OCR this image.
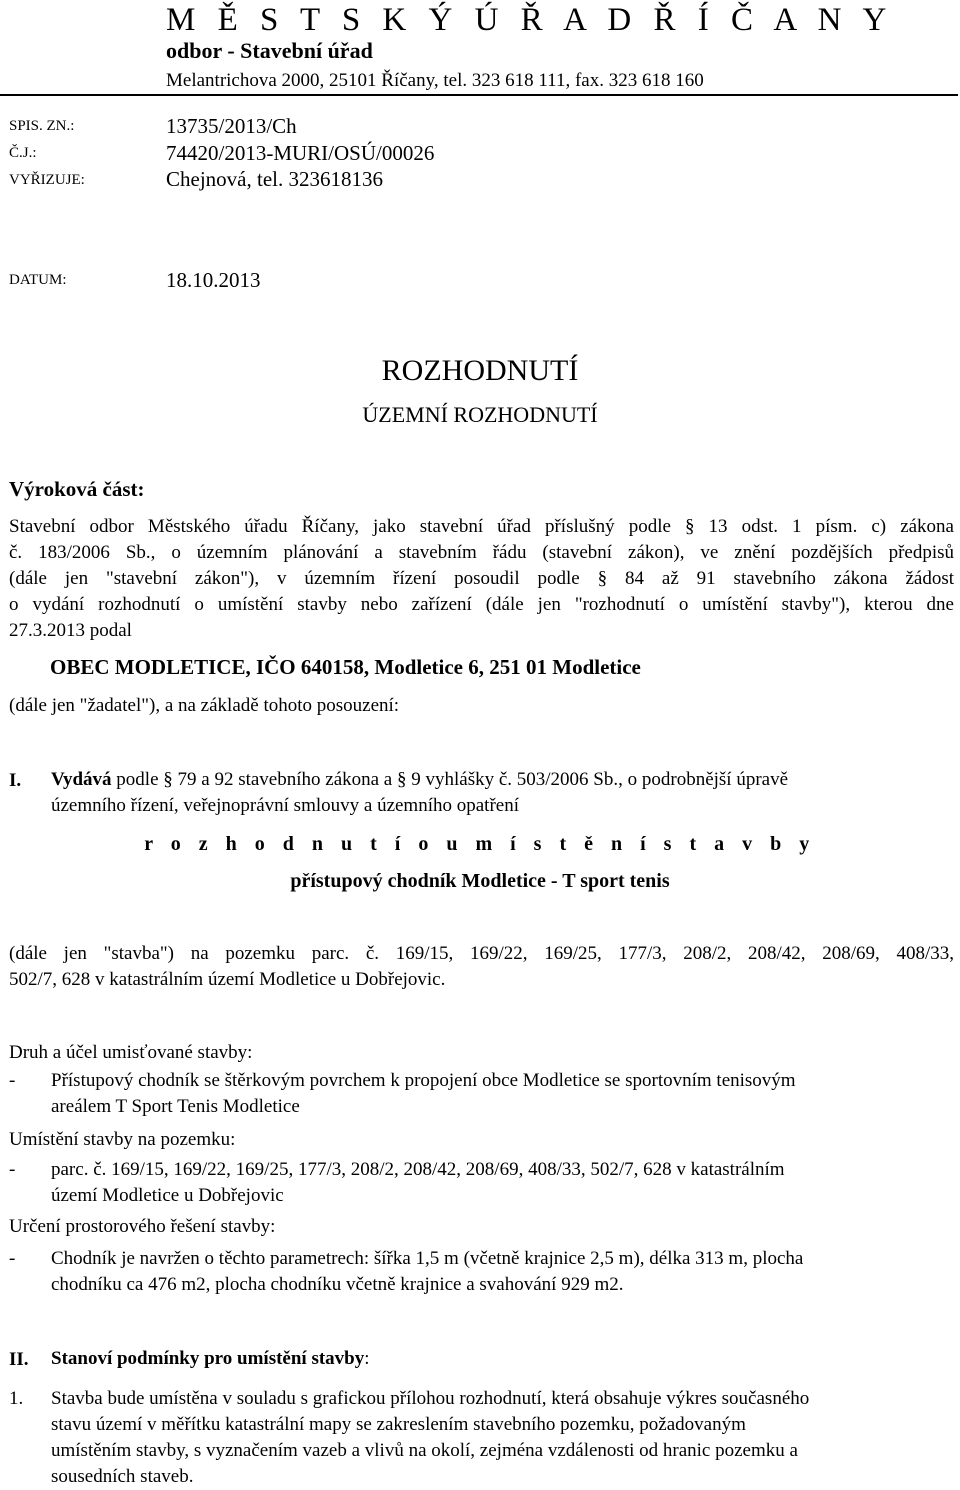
M Ě S T S K Ý Ú Ř A D Ř Í Č A N Y
odbor - Stavební úřad
Melantrichova 2000, 25101 Říčany, tel. 323 618 111, fax. 323 618 160
SPIS. ZN.:	13735/2013/Ch
Č.J.:	74420/2013-MURI/OSÚ/00026
VYŘIZUJE:	Chejnová, tel. 323618136
DATUM:	18.10.2013
ROZHODNUTÍ
ÚZEMNÍ ROZHODNUTÍ
Výroková část:
Stavební odbor Městského úřadu Říčany, jako stavební úřad příslušný podle § 13 odst. 1 písm. c) zákona
č. 183/2006 Sb., o územním plánování a stavebním řádu (stavební zákon), ve znění pozdějších předpisů
(dále jen "stavební zákon"), v územním řízení posoudil podle § 84 až 91 stavebního zákona žádost
o vydání rozhodnutí o umístění stavby nebo zařízení (dále jen "rozhodnutí o umístění stavby"), kterou dne
27.3.2013 podal
OBEC MODLETICE, IČO 640158, Modletice 6, 251 01 Modletice
(dále jen "žadatel"), a na základě tohoto posouzení:
I. Vydává podle § 79 a 92 stavebního zákona a § 9 vyhlášky č. 503/2006 Sb., o podrobnější úpravě
územního řízení, veřejnoprávní smlouvy a územního opatření
r o z h o d n u t í o u m í s t ě n í s t a v b y
přístupový chodník Modletice - T sport tenis
(dále jen "stavba") na pozemku parc. č. 169/15, 169/22, 169/25, 177/3, 208/2, 208/42, 208/69, 408/33,
502/7, 628 v katastrálním území Modletice u Dobřejovic.
Druh a účel umisťované stavby:
- Přístupový chodník se štěrkovým povrchem k propojení obce Modletice se sportovním tenisovým
areálem T Sport Tenis Modletice
Umístění stavby na pozemku:
- parc. č. 169/15, 169/22, 169/25, 177/3, 208/2, 208/42, 208/69, 408/33, 502/7, 628 v katastrálním
území Modletice u Dobřejovic
Určení prostorového řešení stavby:
- Chodník je navržen o těchto parametrech: šířka 1,5 m (včetně krajnice 2,5 m), délka 313 m, plocha
chodníku ca 476 m2, plocha chodníku včetně krajnice a svahování 929 m2.
II. Stanoví podmínky pro umístění stavby:
1. Stavba bude umístěna v souladu s grafickou přílohou rozhodnutí, která obsahuje výkres současného
stavu území v měřítku katastrální mapy se zakreslením stavebního pozemku, požadovaným
umístěním stavby, s vyznačením vazeb a vlivů na okolí, zejména vzdálenosti od hranic pozemku a
sousedních staveb.
